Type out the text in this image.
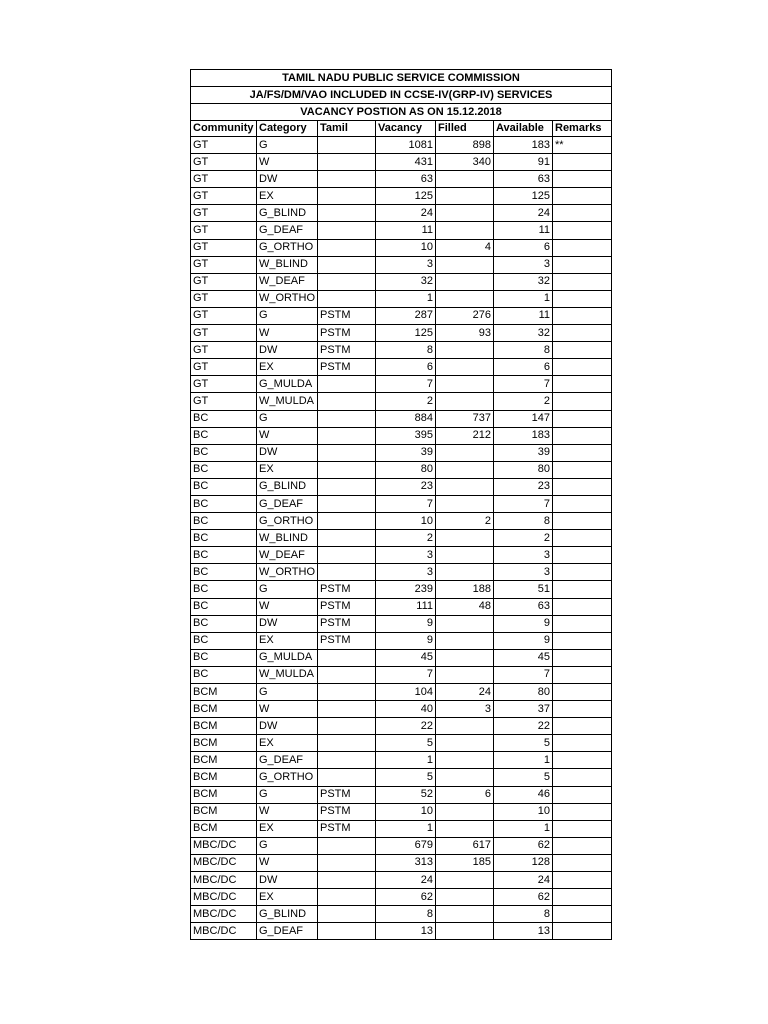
TAMIL NADU PUBLIC SERVICE COMMISSION						
JA/FS/DM/VAO INCLUDED IN CCSE-IV(GRP-IV) SERVICES						
VACANCY POSTION AS ON 15.12.2018						
Community	Category	Tamil	Vacancy	Filled	Available	Remarks
GT	G		1081	898	183	**
GT	W		431	340	91	
GT	DW		63		63	
GT	EX		125		125	
GT	G_BLIND		24		24	
GT	G_DEAF		11		11	
GT	G_ORTHO		10	4	6	
GT	W_BLIND		3		3	
GT	W_DEAF		32		32	
GT	W_ORTHO		1		1	
GT	G	PSTM	287	276	11	
GT	W	PSTM	125	93	32	
GT	DW	PSTM	8		8	
GT	EX	PSTM	6		6	
GT	G_MULDA		7		7	
GT	W_MULDA		2		2	
BC	G		884	737	147	
BC	W		395	212	183	
BC	DW		39		39	
BC	EX		80		80	
BC	G_BLIND		23		23	
BC	G_DEAF		7		7	
BC	G_ORTHO		10	2	8	
BC	W_BLIND		2		2	
BC	W_DEAF		3		3	
BC	W_ORTHO		3		3	
BC	G	PSTM	239	188	51	
BC	W	PSTM	111	48	63	
BC	DW	PSTM	9		9	
BC	EX	PSTM	9		9	
BC	G_MULDA		45		45	
BC	W_MULDA		7		7	
BCM	G		104	24	80	
BCM	W		40	3	37	
BCM	DW		22		22	
BCM	EX		5		5	
BCM	G_DEAF		1		1	
BCM	G_ORTHO		5		5	
BCM	G	PSTM	52	6	46	
BCM	W	PSTM	10		10	
BCM	EX	PSTM	1		1	
MBC/DC	G		679	617	62	
MBC/DC	W		313	185	128	
MBC/DC	DW		24		24	
MBC/DC	EX		62		62	
MBC/DC	G_BLIND		8		8	
MBC/DC	G_DEAF		13		13	
